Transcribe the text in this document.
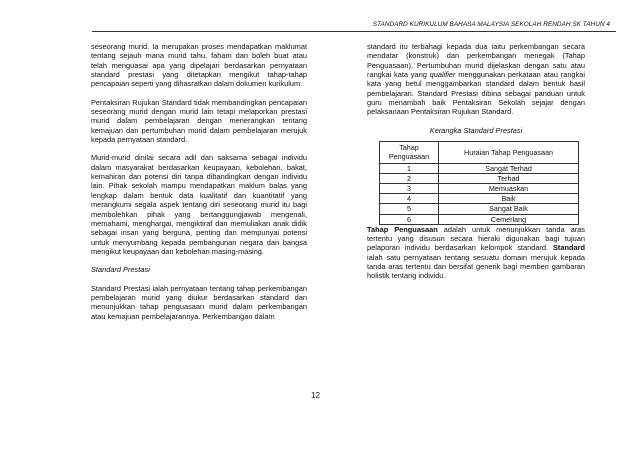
STANDARD KURIKULUM BAHASA MALAYSIA SEKOLAH RENDAH SK TAHUN 4

seseorang murid. Ia merupakan proses mendapatkan maklumat tentang sejauh mana murid tahu, faham dan boleh buat atau telah menguasai apa yang dipelajari berdasarkan pernyataan standard prestasi yang ditetapkan mengikut tahap-tahap pencapaian seperti yang dihasratkan dalam dokumen kurikulum.

Pentaksiran Rujukan Standard tidak membandingkan pencapaian seseorang murid dengan murid lain tetapi melaporkan prestasi murid dalam pembelajaran dengan menerangkan tentang kemajuan dan pertumbuhan murid dalam pembelajaran merujuk kepada pernyataan standard.

Murid-murid dinilai secara adil dan saksama sebagai individu dalam masyarakat berdasarkan keupayaan, kebolehan, bakat, kemahiran dan potensi diri tanpa dibandingkan dengan individu lain. Pihak sekolah mampu mendapatkan maklum balas yang lengkap dalam bentuk data kualitatif dan kuantitatif yang merangkumi segala aspek tentang diri seseorang murid itu bagi membolehkan pihak yang bertanggungjawab mengenali, memahami, menghargai, mengiktiraf dan memuliakan anak didik sebagai insan yang berguna, penting dan mempunyai potensi untuk menyumbang kepada pembangunan negara dan bangsa mengikut keupayaan dan kebolehan masing-masing.

Standard Prestasi

Standard Prestasi ialah pernyataan tentang tahap perkembangan pembelajaran murid yang diukur berdasarkan standard dan menunjukkan tahap penguasaan murid dalam perkembangan atau kemajuan pembelajarannya. Perkembangan dalam

standard itu terbahagi kepada dua iaitu perkembangan secara mendatar (konstruk) dan perkembangan menegak (Tahap Penguasaan). Pertumbuhan murid dijelaskan dengan satu atau rangkai kata yang qualifier menggunakan perkataan atau rangkai kata yang betul menggambarkan standard dalam bentuk hasil pembelajaran. Standard Prestasi dibina sebagai panduan untuk guru menambah baik Pentaksiran Sekolah sejajar dengan pelaksanaan Pentaksiran Rujukan Standard.

Kerangka Standard Prestasi
Tahap Penguasaan	Huraian Tahap Penguasaan
1	Sangat Terhad
2	Terhad
3	Memuaskan
4	Baik
5	Sangat Baik
6	Cemerlang

Tahap Penguasaan adalah untuk menunjukkan tanda aras tertentu yang disusun secara hieraki digunakan bagi tujuan pelaporan individu berdasarkan kelompok standard. Standard ialah satu pernyataan tentang sesuatu domain merujuk kepada tanda aras tertentu dan bersifat generik bagi memberi gambaran holistik tentang individu.

12
